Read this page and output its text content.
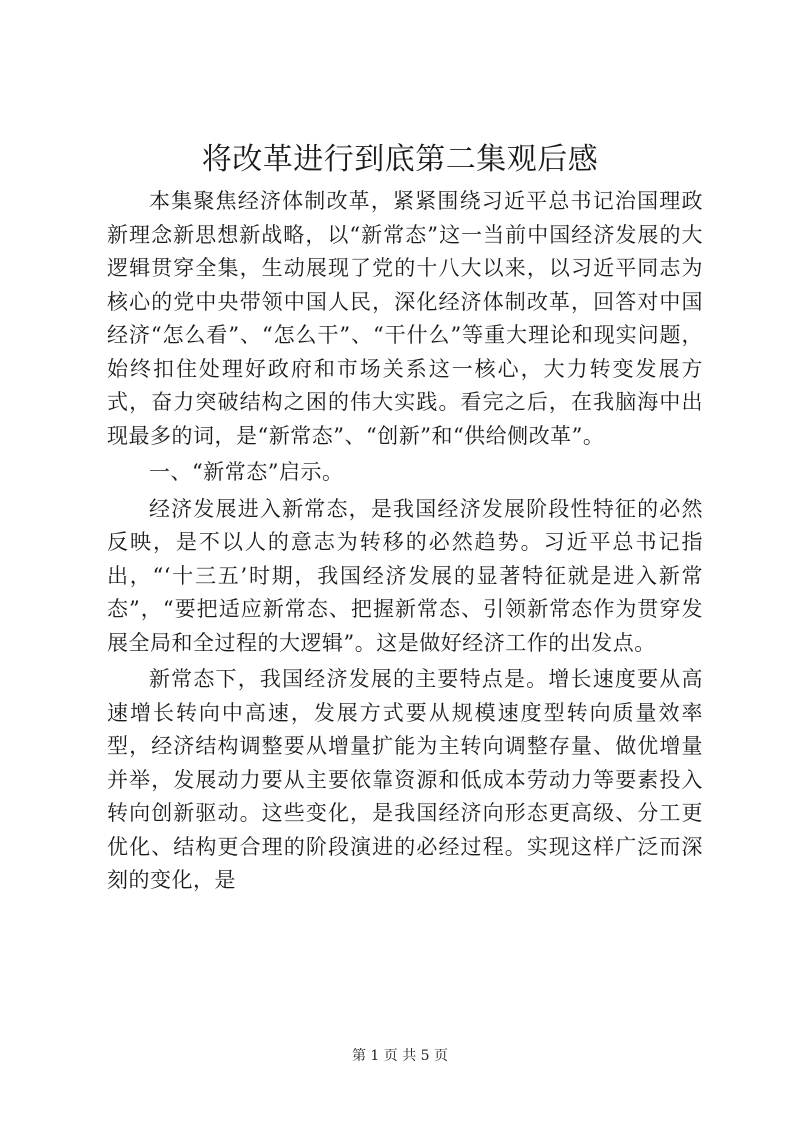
将改革进行到底第二集观后感

本集聚焦经济体制改革，紧紧围绕习近平总书记治国理政新理念新思想新战略，以“新常态”这一当前中国经济发展的大逻辑贯穿全集，生动展现了党的十八大以来，以习近平同志为核心的党中央带领中国人民，深化经济体制改革，回答对中国经济“怎么看”、“怎么干”、“干什么”等重大理论和现实问题，始终扣住处理好政府和市场关系这一核心，大力转变发展方式，奋力突破结构之困的伟大实践。看完之后，在我脑海中出现最多的词，是“新常态”、“创新”和“供给侧改革”。

一、“新常态”启示。

经济发展进入新常态，是我国经济发展阶段性特征的必然反映，是不以人的意志为转移的必然趋势。习近平总书记指出，“‘十三五’时期，我国经济发展的显著特征就是进入新常态”，“要把适应新常态、把握新常态、引领新常态作为贯穿发展全局和全过程的大逻辑”。这是做好经济工作的出发点。

新常态下，我国经济发展的主要特点是。增长速度要从高速增长转向中高速，发展方式要从规模速度型转向质量效率型，经济结构调整要从增量扩能为主转向调整存量、做优增量并举，发展动力要从主要依靠资源和低成本劳动力等要素投入转向创新驱动。这些变化，是我国经济向形态更高级、分工更优化、结构更合理的阶段演进的必经过程。实现这样广泛而深刻的变化，是

第 1 页 共 5 页
